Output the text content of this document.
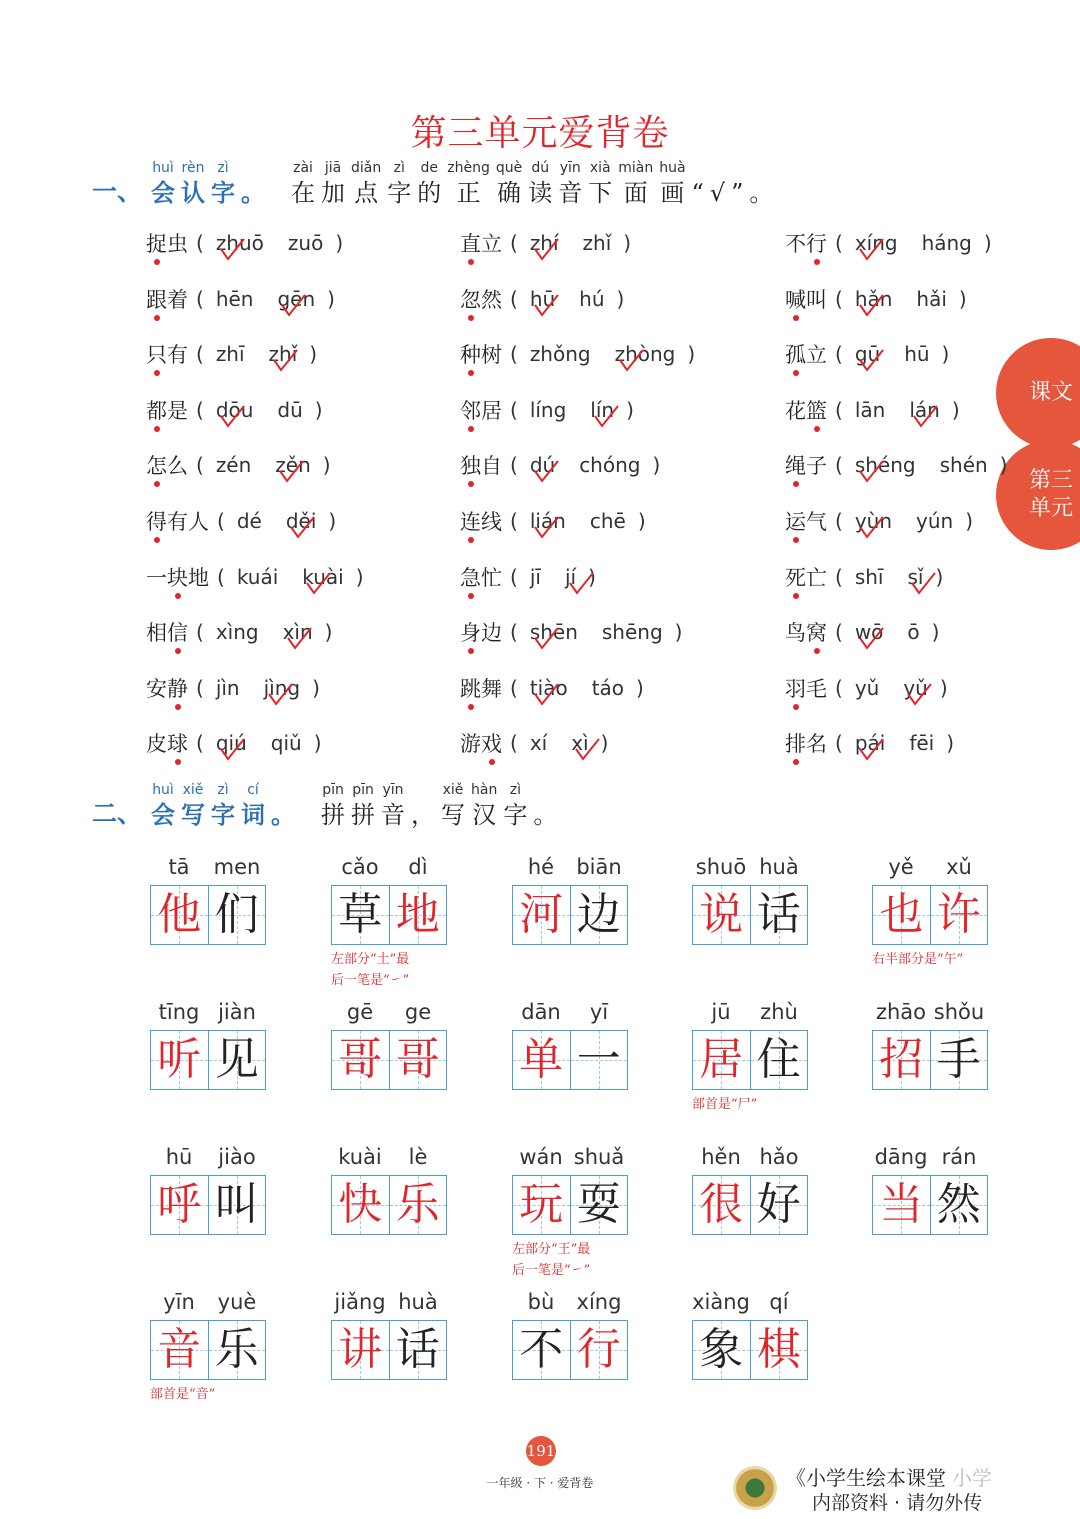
第三单元爱背卷
课文
第三
单元
一、
huì
会
rèn
认
zì
字
。
zài
在
jiā
加
diǎn
点
zì
字
de
的
zhèng
正
què
确
dú
读
yīn
音
xià
下
miàn
面
huà
画
“
√
”
。
捉虫 ( zhuō zuō )	直立 ( zhí zhǐ )	不行 ( xíng háng )
跟着 ( hēn gēn )	忽然 ( hū hú )	喊叫 ( hǎn hǎi )
只有 ( zhī zhǐ )	种树 ( zhǒng zhòng )	孤立 ( gū hū )
都是 ( dōu dū )	邻居 ( líng lín )	花篮 ( lān lán )
怎么 ( zén zěn )	独自 ( dú chóng )	绳子 ( shéng shén )
得有人 ( dé děi )	连线 ( lián chē )	运气 ( yùn yún )
一块地 ( kuái kuài )	急忙 ( jī jí )	死亡 ( shī sǐ )
相信 ( xìng xìn )	身边 ( shēn shēng )	鸟窝 ( wō ō )
安静 ( jìn jìng )	跳舞 ( tiào táo )	羽毛 ( yǔ yǔ )
皮球 ( qiú qiǔ )	游戏 ( xí xì )	排名 ( pái fēi )
二、
huì
会
xiě
写
zì
字
cí
词
。
pīn
拼
pīn
拼
yīn
音
，
xiě
写
hàn
汉
zì
字
。
tā	men
他 们
cǎo	dì
草 地
左部分“土”最
后一笔是“㇀”
hé	biān
河 边
shuō huà
说 话
yě	xǔ
也 许
右半部分是“午”
tīng jiàn
听 见
gē	ge
哥 哥
dān	yī
单 一
jū	zhù
居 住
部首是“尸”
zhāo shǒu
招 手
hū	jiào
呼 叫
kuài	lè
快 乐
wán shuǎ
玩 耍
左部分“王”最
后一笔是“㇀”
hěn hǎo
很 好
dāng rán
当 然
yīn	yuè
音 乐
部首是“音”
jiǎng huà
讲 话
bù	xíng
不 行
xiàng qí
象 棋
191
一年级 · 下 · 爱背卷	《小学生绘本课堂
内部资料 · 请勿外传
小学
